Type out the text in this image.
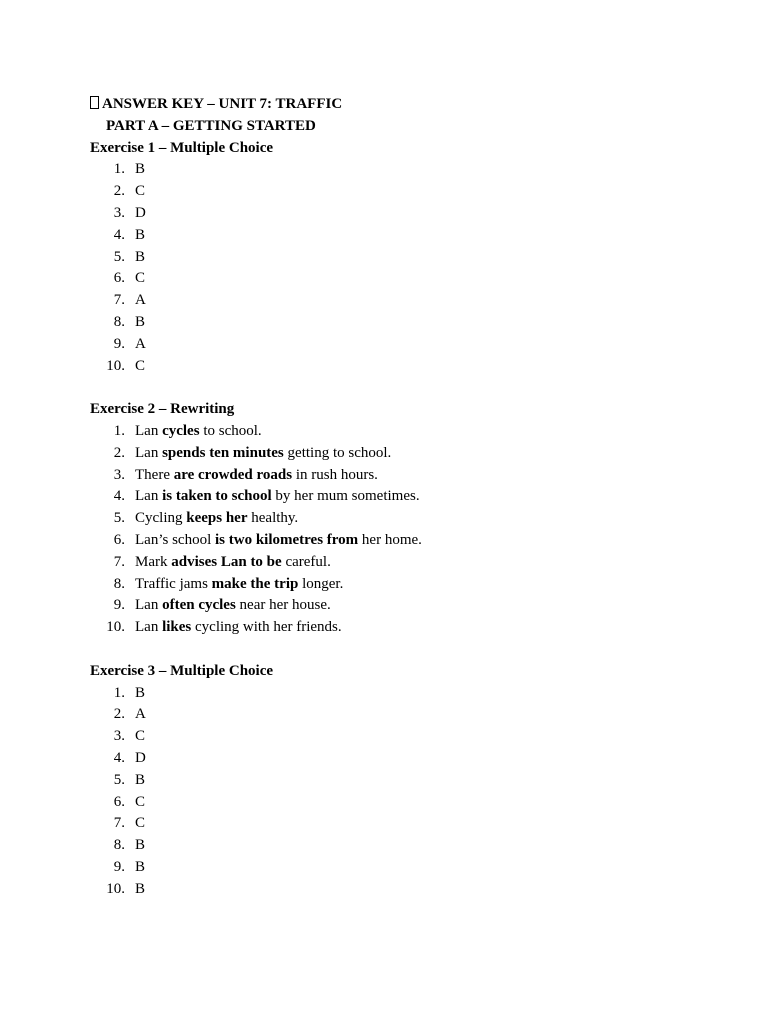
ANSWER KEY – UNIT 7: TRAFFIC
PART A – GETTING STARTED
Exercise 1 – Multiple Choice
1. B
2. C
3. D
4. B
5. B
6. C
7. A
8. B
9. A
10. C
Exercise 2 – Rewriting
1. Lan cycles to school.
2. Lan spends ten minutes getting to school.
3. There are crowded roads in rush hours.
4. Lan is taken to school by her mum sometimes.
5. Cycling keeps her healthy.
6. Lan’s school is two kilometres from her home.
7. Mark advises Lan to be careful.
8. Traffic jams make the trip longer.
9. Lan often cycles near her house.
10. Lan likes cycling with her friends.
Exercise 3 – Multiple Choice
1. B
2. A
3. C
4. D
5. B
6. C
7. C
8. B
9. B
10. B
